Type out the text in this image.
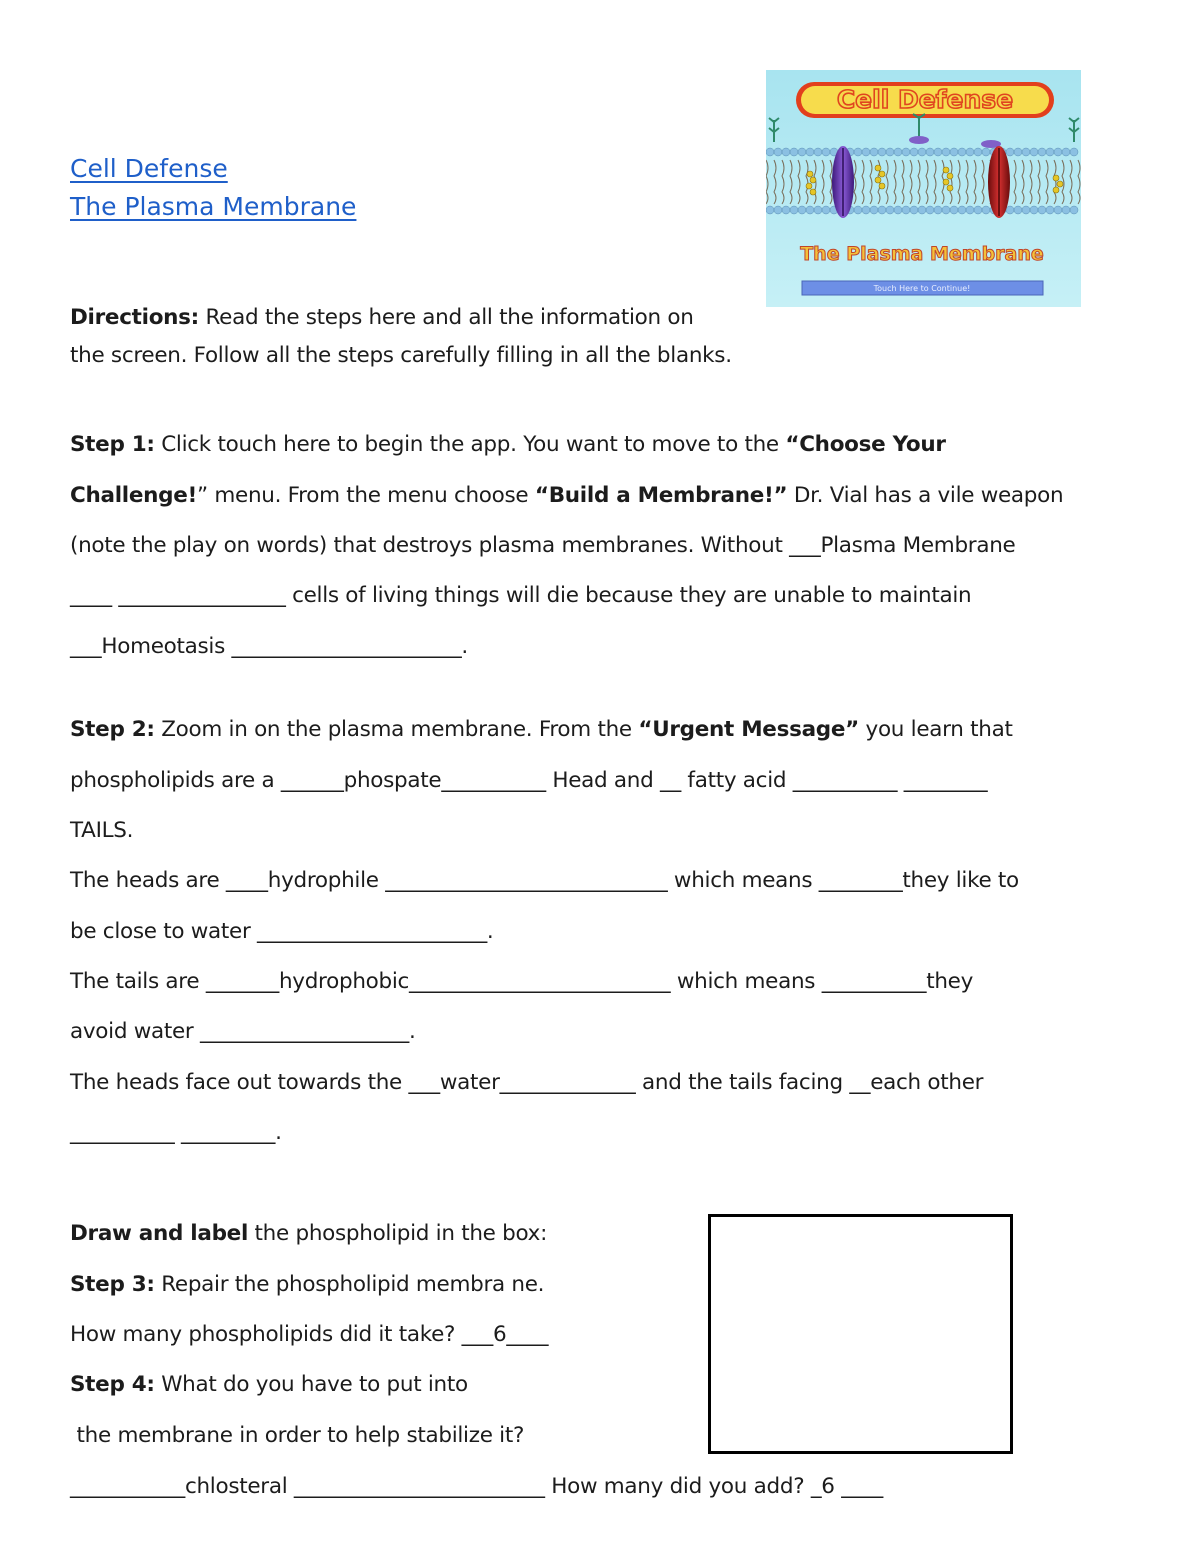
Cell Defense
The Plasma Membrane
Cell Defense
The Plasma Membrane
Touch Here to Continue!
Directions: Read the steps here and all the information on
the screen. Follow all the steps carefully filling in all the blanks.
Step 1: Click touch here to begin the app. You want to move to the “Choose Your
Challenge!” menu. From the menu choose “Build a Membrane!” Dr. Vial has a vile weapon
(note the play on words) that destroys plasma membranes. Without ___Plasma Membrane
____ ________________ cells of living things will die because they are unable to maintain
___Homeotasis ______________________.
Step 2: Zoom in on the plasma membrane. From the “Urgent Message” you learn that
phospholipids are a ______phospate__________ Head and __ fatty acid __________ ________
TAILS.
The heads are ____hydrophile ___________________________ which means ________they like to
be close to water ______________________.
The tails are _______hydrophobic_________________________ which means __________they
avoid water ____________________.
The heads face out towards the ___water_____________ and the tails facing __each other
__________ _________.
Draw and label the phospholipid in the box:
Step 3: Repair the phospholipid membra ne.
How many phospholipids did it take? ___6____
Step 4: What do you have to put into
the membrane in order to help stabilize it?
___________chlosteral ________________________ How many did you add? _6 ____
